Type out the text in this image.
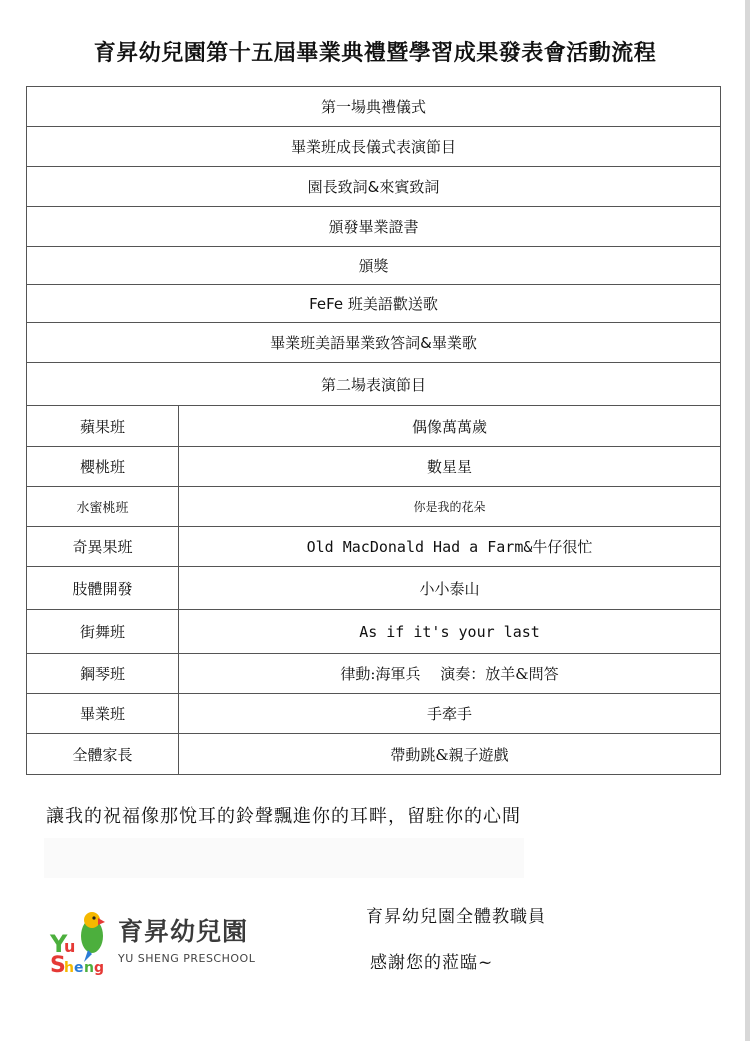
育昇幼兒園第十五屆畢業典禮暨學習成果發表會活動流程
第一場典禮儀式
畢業班成長儀式表演節目
園長致詞&來賓致詞
頒發畢業證書
頒獎
FeFe 班美語歡送歌
畢業班美語畢業致答詞&畢業歌
第二場表演節目
蘋果班	偶像萬萬歲
櫻桃班	數星星
水蜜桃班	你是我的花朵
奇異果班	Old MacDonald Had a Farm&牛仔很忙
肢體開發	小小泰山
街舞班	As if it's your last
鋼琴班	律動:海軍兵　 演奏：放羊&問答
畢業班	手牽手
全體家長	帶動跳&親子遊戲
讓我的祝福像那悅耳的鈴聲飄進你的耳畔，留駐你的心間
Y
u
S
h e n g
育昇幼兒園
YU SHENG PRESCHOOL
育昇幼兒園全體教職員
感謝您的蒞臨~
